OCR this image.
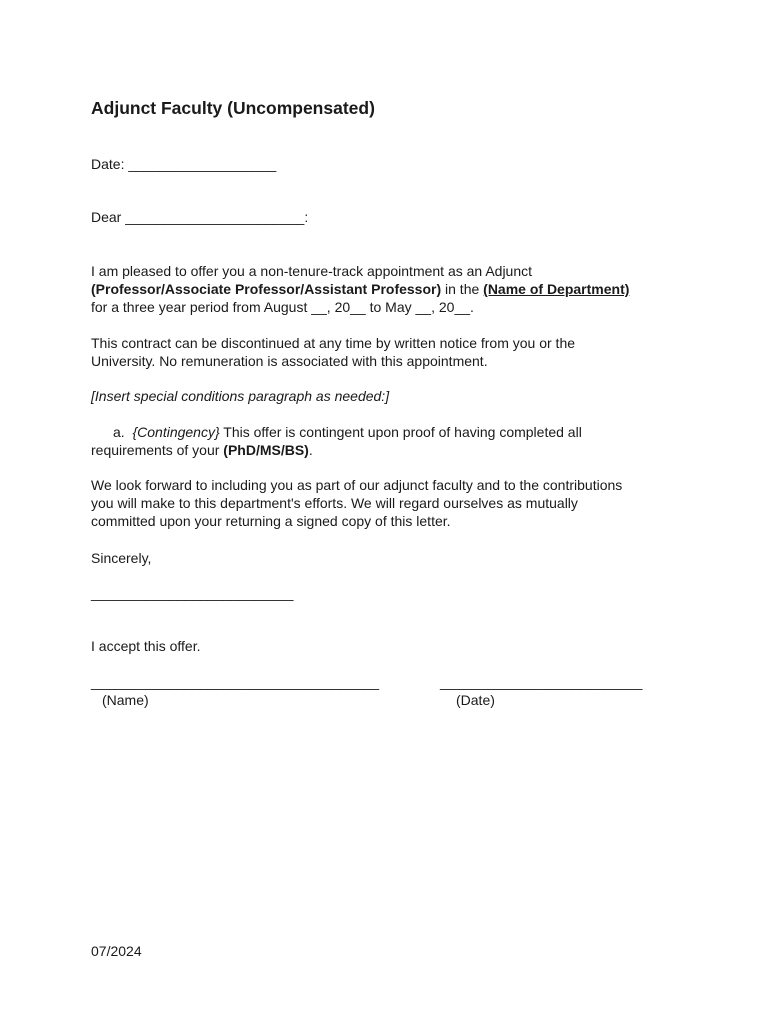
Adjunct Faculty (Uncompensated)
Date: ___________________
Dear _______________________:
I am pleased to offer you a non-tenure-track appointment as an Adjunct
(Professor/Associate Professor/Assistant Professor) in the (Name of Department)
for a three year period from August __, 20__ to May __, 20__.
This contract can be discontinued at any time by written notice from you or the
University. No remuneration is associated with this appointment.
[Insert special conditions paragraph as needed:]
a. {Contingency} This offer is contingent upon proof of having completed all
requirements of your (PhD/MS/BS).
We look forward to including you as part of our adjunct faculty and to the contributions
you will make to this department's efforts. We will regard ourselves as mutually
committed upon your returning a signed copy of this letter.
Sincerely,
__________________________
I accept this offer.
_____________________________________	__________________________
(Name)	(Date)
07/2024
